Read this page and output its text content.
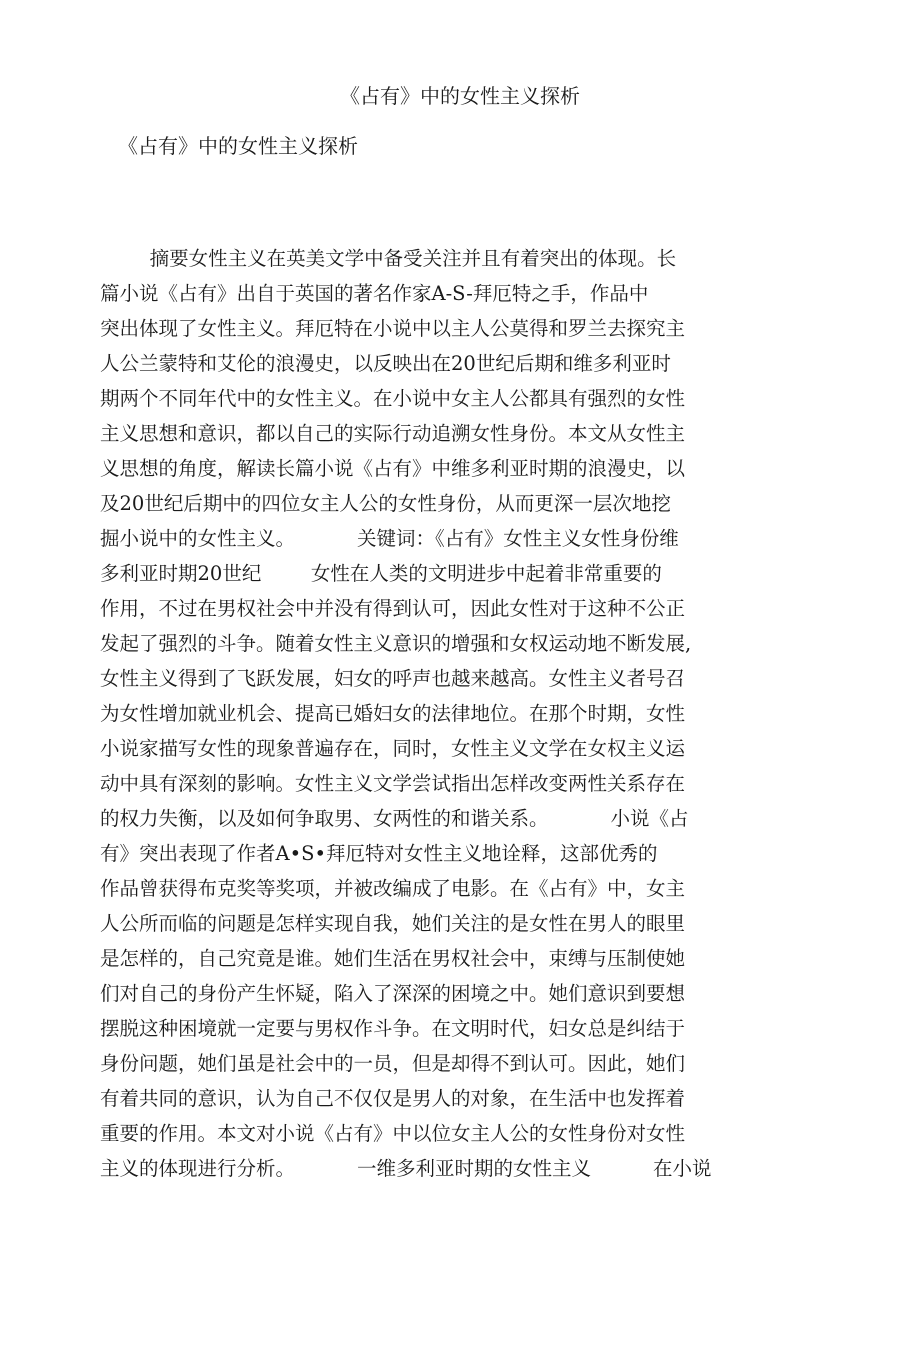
《占有》中的女性主义探析
《占有》中的女性主义探析
摘要女性主义在英美文学中备受关注并且有着突出的体现。长
篇小说《占有》出自于英国的著名作家A-S-拜厄特之手，作品中
突出体现了女性主义。拜厄特在小说中以主人公莫得和罗兰去探究主
人公兰蒙特和艾伦的浪漫史，以反映出在20世纪后期和维多利亚时
期两个不同年代中的女性主义。在小说中女主人公都具有强烈的女性
主义思想和意识，都以自己的实际行动追溯女性身份。本文从女性主
义思想的角度，解读长篇小说《占有》中维多利亚时期的浪漫史，以
及20世纪后期中的四位女主人公的女性身份，从而更深一层次地挖
掘小说中的女性主义。          关键词：《占有》女性主义女性身份维
多利亚时期20世纪        女性在人类的文明进步中起着非常重要的
作用，不过在男权社会中并没有得到认可，因此女性对于这种不公正
发起了强烈的斗争。随着女性主义意识的增强和女权运动地不断发展,
女性主义得到了飞跃发展，妇女的呼声也越来越高。女性主义者号召
为女性增加就业机会、提高已婚妇女的法律地位。在那个时期，女性
小说家描写女性的现象普遍存在，同时，女性主义文学在女权主义运
动中具有深刻的影响。女性主义文学尝试指出怎样改变两性关系存在
的权力失衡，以及如何争取男、女两性的和谐关系。          小说《占
有》突出表现了作者A•S•拜厄特对女性主义地诠释，这部优秀的
作品曾获得布克奖等奖项，并被改编成了电影。在《占有》中，女主
人公所而临的问题是怎样实现自我，她们关注的是女性在男人的眼里
是怎样的，自己究竟是谁。她们生活在男权社会中，束缚与压制使她
们对自己的身份产生怀疑，陷入了深深的困境之中。她们意识到要想
摆脱这种困境就一定要与男权作斗争。在文明时代，妇女总是纠结于
身份问题，她们虽是社会中的一员，但是却得不到认可。因此，她们
有着共同的意识，认为自己不仅仅是男人的对象，在生活中也发挥着
重要的作用。本文对小说《占有》中以位女主人公的女性身份对女性
主义的体现进行分析。          一维多利亚时期的女性主义          在小说
